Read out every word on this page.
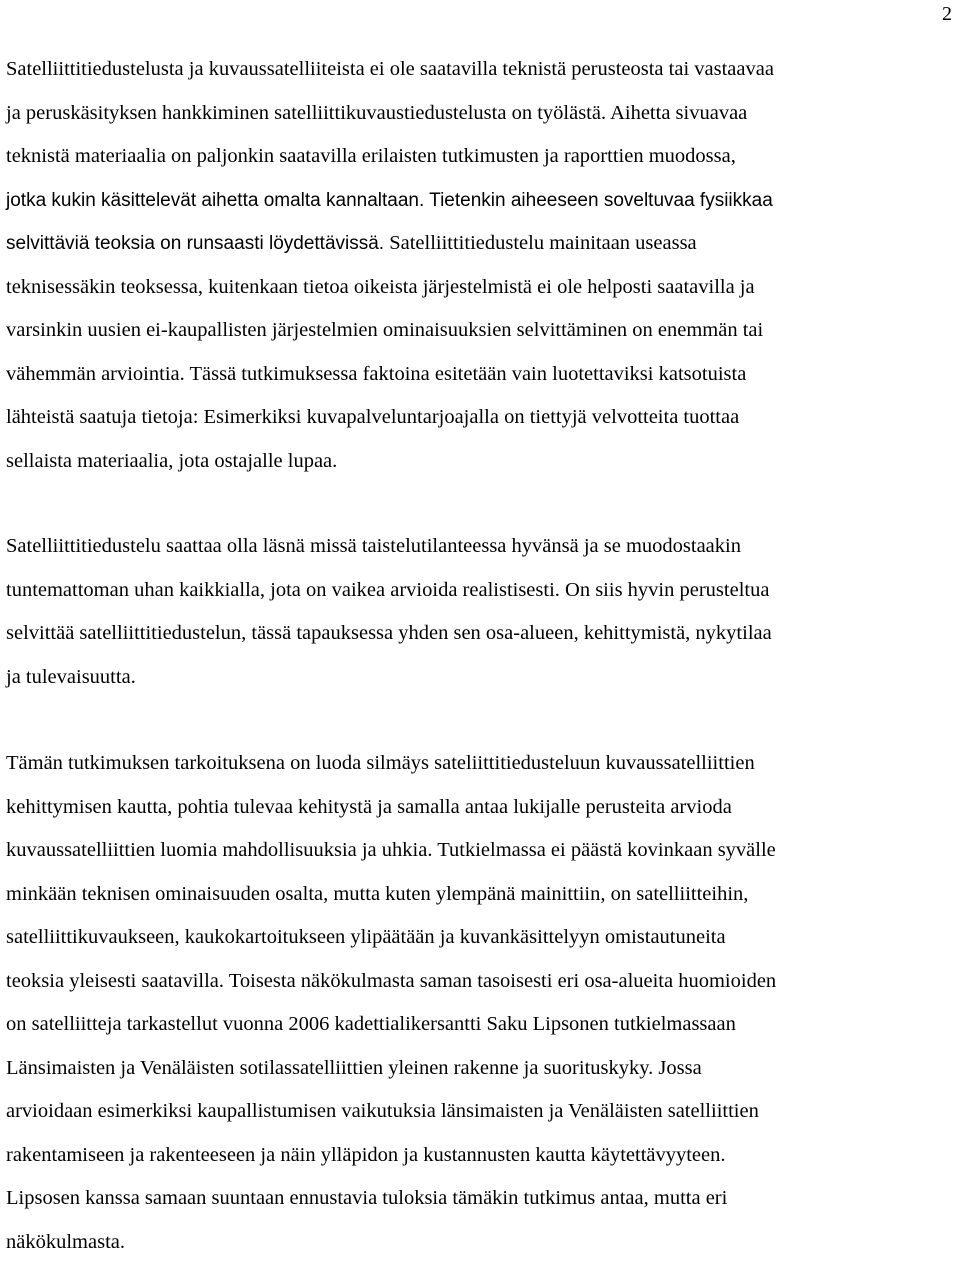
2

Satelliittitiedustelusta ja kuvaussatelliiteista ei ole saatavilla teknistä perusteosta tai vastaavaa
ja peruskäsityksen hankkiminen satelliittikuvaustiedustelusta on työlästä. Aihetta sivuavaa
teknistä materiaalia on paljonkin saatavilla erilaisten tutkimusten ja raporttien muodossa,
jotka kukin käsittelevät aihetta omalta kannaltaan. Tietenkin aiheeseen soveltuvaa fysiikkaa
selvittäviä teoksia on runsaasti löydettävissä. Satelliittitiedustelu mainitaan useassa
teknisessäkin teoksessa, kuitenkaan tietoa oikeista järjestelmistä ei ole helposti saatavilla ja
varsinkin uusien ei-kaupallisten järjestelmien ominaisuuksien selvittäminen on enemmän tai
vähemmän arviointia. Tässä tutkimuksessa faktoina esitetään vain luotettaviksi katsotuista
lähteistä saatuja tietoja: Esimerkiksi kuvapalveluntarjoajalla on tiettyjä velvotteita tuottaa
sellaista materiaalia, jota ostajalle lupaa.

Satelliittitiedustelu saattaa olla läsnä missä taistelutilanteessa hyvänsä ja se muodostaakin
tuntemattoman uhan kaikkialla, jota on vaikea arvioida realistisesti. On siis hyvin perusteltua
selvittää satelliittitiedustelun, tässä tapauksessa yhden sen osa-alueen, kehittymistä, nykytilaa
ja tulevaisuutta.

Tämän tutkimuksen tarkoituksena on luoda silmäys sateliittitiedusteluun kuvaussatelliittien
kehittymisen kautta, pohtia tulevaa kehitystä ja samalla antaa lukijalle perusteita arvioda
kuvaussatelliittien luomia mahdollisuuksia ja uhkia. Tutkielmassa ei päästä kovinkaan syvälle
minkään teknisen ominaisuuden osalta, mutta kuten ylempänä mainittiin, on satelliitteihin,
satelliittikuvaukseen, kaukokartoitukseen ylipäätään ja kuvankäsittelyyn omistautuneita
teoksia yleisesti saatavilla. Toisesta näkökulmasta saman tasoisesti eri osa-alueita huomioiden
on satelliitteja tarkastellut vuonna 2006 kadettialikersantti Saku Lipsonen tutkielmassaan
Länsimaisten ja Venäläisten sotilassatelliittien yleinen rakenne ja suorituskyky. Jossa
arvioidaan esimerkiksi kaupallistumisen vaikutuksia länsimaisten ja Venäläisten satelliittien
rakentamiseen ja rakenteeseen ja näin ylläpidon ja kustannusten kautta käytettävyyteen.
Lipsosen kanssa samaan suuntaan ennustavia tuloksia tämäkin tutkimus antaa, mutta eri
näkökulmasta.
